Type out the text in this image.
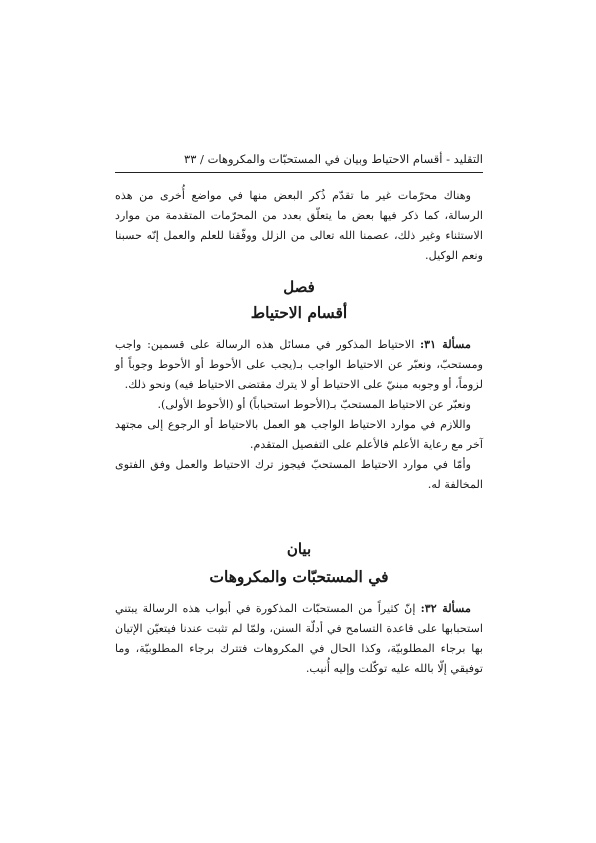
التقليد - أقسام الاحتياط وبيان في المستحبّات والمكروهات / ٣٣

وهناك محرّمات غير ما تقدّم ذُكر البعض منها في مواضع أُخرى من هذه الرسالة، كما ذكر فيها بعض ما يتعلّق بعدد من المحرّمات المتقدمة من موارد الاستثناء وغير ذلك، عصمنا الله تعالى من الزلل ووفّقنا للعلم والعمل إنّه حسبنا ونعم الوكيل.

فصل
أقسام الاحتياط

مسألة ٣١: الاحتياط المذكور في مسائل هذه الرسالة على قسمين: واجب ومستحبّ، ونعبّر عن الاحتياط الواجب بـ(يجب على الأحوط أو الأحوط وجوباً أو لزوماً، أو وجوبه مبنيّ على الاحتياط أو لا يترك مقتضى الاحتياط فيه) ونحو ذلك.

ونعبّر عن الاحتياط المستحبّ بـ(الأحوط استحباباً) أو (الأحوط الأولى).

واللازم في موارد الاحتياط الواجب هو العمل بالاحتياط أو الرجوع إلى مجتهد آخر مع رعاية الأعلم فالأعلم على التفصيل المتقدم.

وأمّا في موارد الاحتياط المستحبّ فيجوز ترك الاحتياط والعمل وفق الفتوى المخالفة له.

بيان
في المستحبّات والمكروهات

مسألة ٣٢: إنّ كثيراً من المستحبّات المذكورة في أبواب هذه الرسالة يبتني استحبابها على قاعدة التسامح في أدلّة السنن، ولمّا لم تثبت عندنا فيتعيّن الإتيان بها برجاء المطلوبيّة، وكذا الحال في المكروهات فتترك برجاء المطلوبيّة، وما توفيقي إلّا بالله عليه توكّلت وإليه أُنيب.
